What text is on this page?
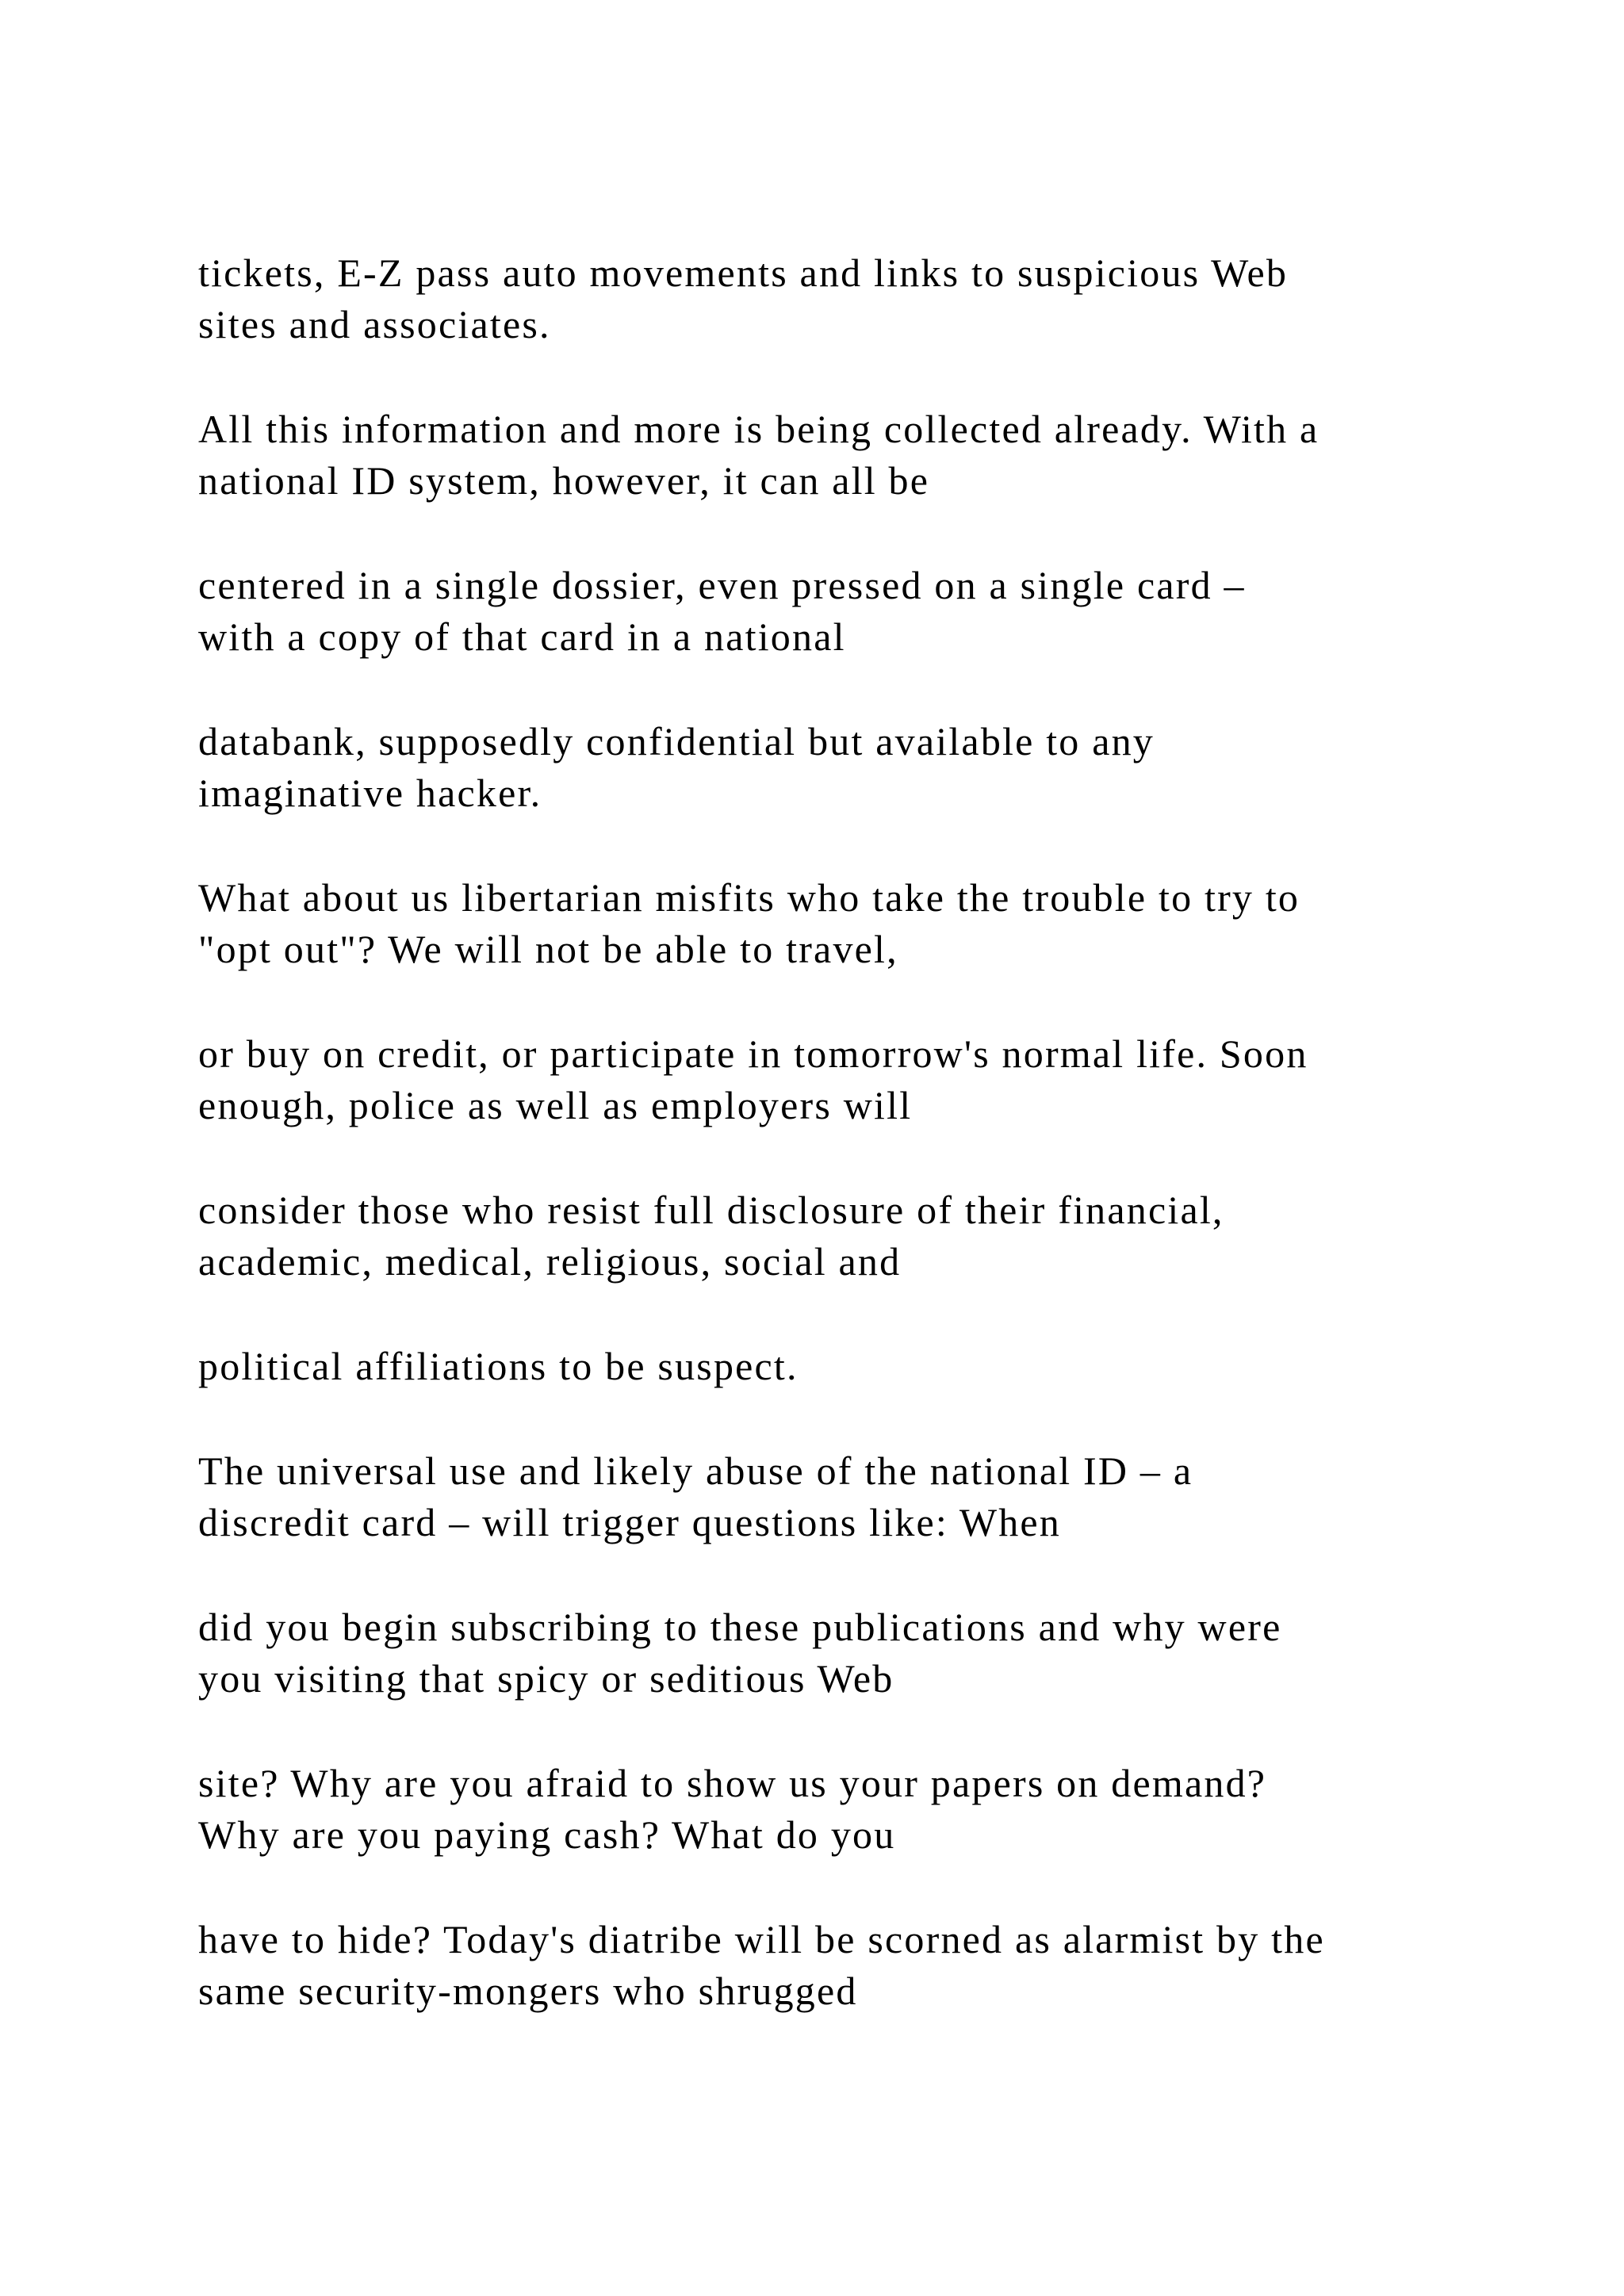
tickets, E-Z pass auto movements and links to suspicious Web
sites and associates.

All this information and more is being collected already. With a
national ID system, however, it can all be

centered in a single dossier, even pressed on a single card –
with a copy of that card in a national

databank, supposedly confidential but available to any
imaginative hacker.

What about us libertarian misfits who take the trouble to try to
"opt out"? We will not be able to travel,

or buy on credit, or participate in tomorrow's normal life. Soon
enough, police as well as employers will

consider those who resist full disclosure of their financial,
academic, medical, religious, social and

political affiliations to be suspect.

The universal use and likely abuse of the national ID – a
discredit card – will trigger questions like: When

did you begin subscribing to these publications and why were
you visiting that spicy or seditious Web

site? Why are you afraid to show us your papers on demand?
Why are you paying cash? What do you

have to hide? Today's diatribe will be scorned as alarmist by the
same security-mongers who shrugged
